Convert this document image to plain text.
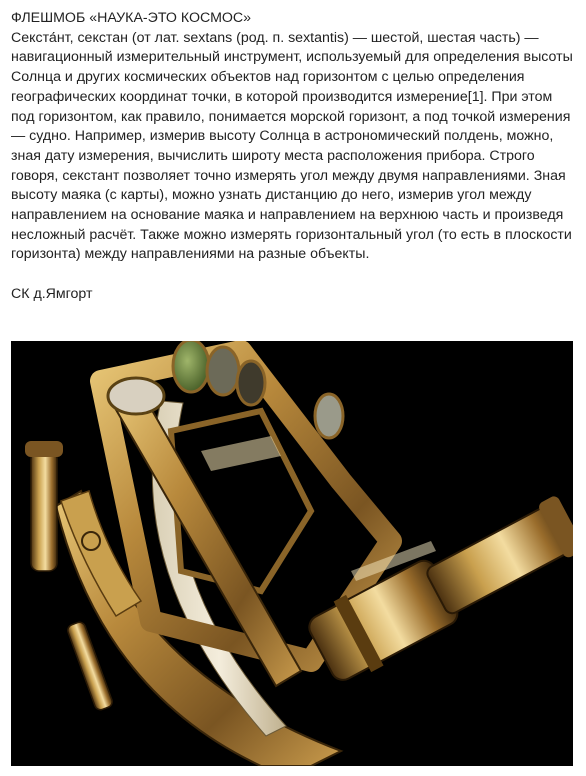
ФЛЕШМОБ «НАУКА-ЭТО КОСМОС»
Секста́нт, секстан (от лат. sextans (род. п. sextantis) — шестой, шестая часть) — навигационный измерительный инструмент, используемый для определения высоты Солнца и других космических объектов над горизонтом с целью определения географических координат точки, в которой производится измерение[1]. При этом под горизонтом, как правило, понимается морской горизонт, а под точкой измерения — судно. Например, измерив высоту Солнца в астрономический полдень, можно, зная дату измерения, вычислить широту места расположения прибора. Строго говоря, секстант позволяет точно измерять угол между двумя направлениями. Зная высоту маяка (с карты), можно узнать дистанцию до него, измерив угол между направлением на основание маяка и направлением на верхнюю часть и произведя несложный расчёт. Также можно измерять горизонтальный угол (то есть в плоскости горизонта) между направлениями на разные объекты.
СК д.Ямгорт
